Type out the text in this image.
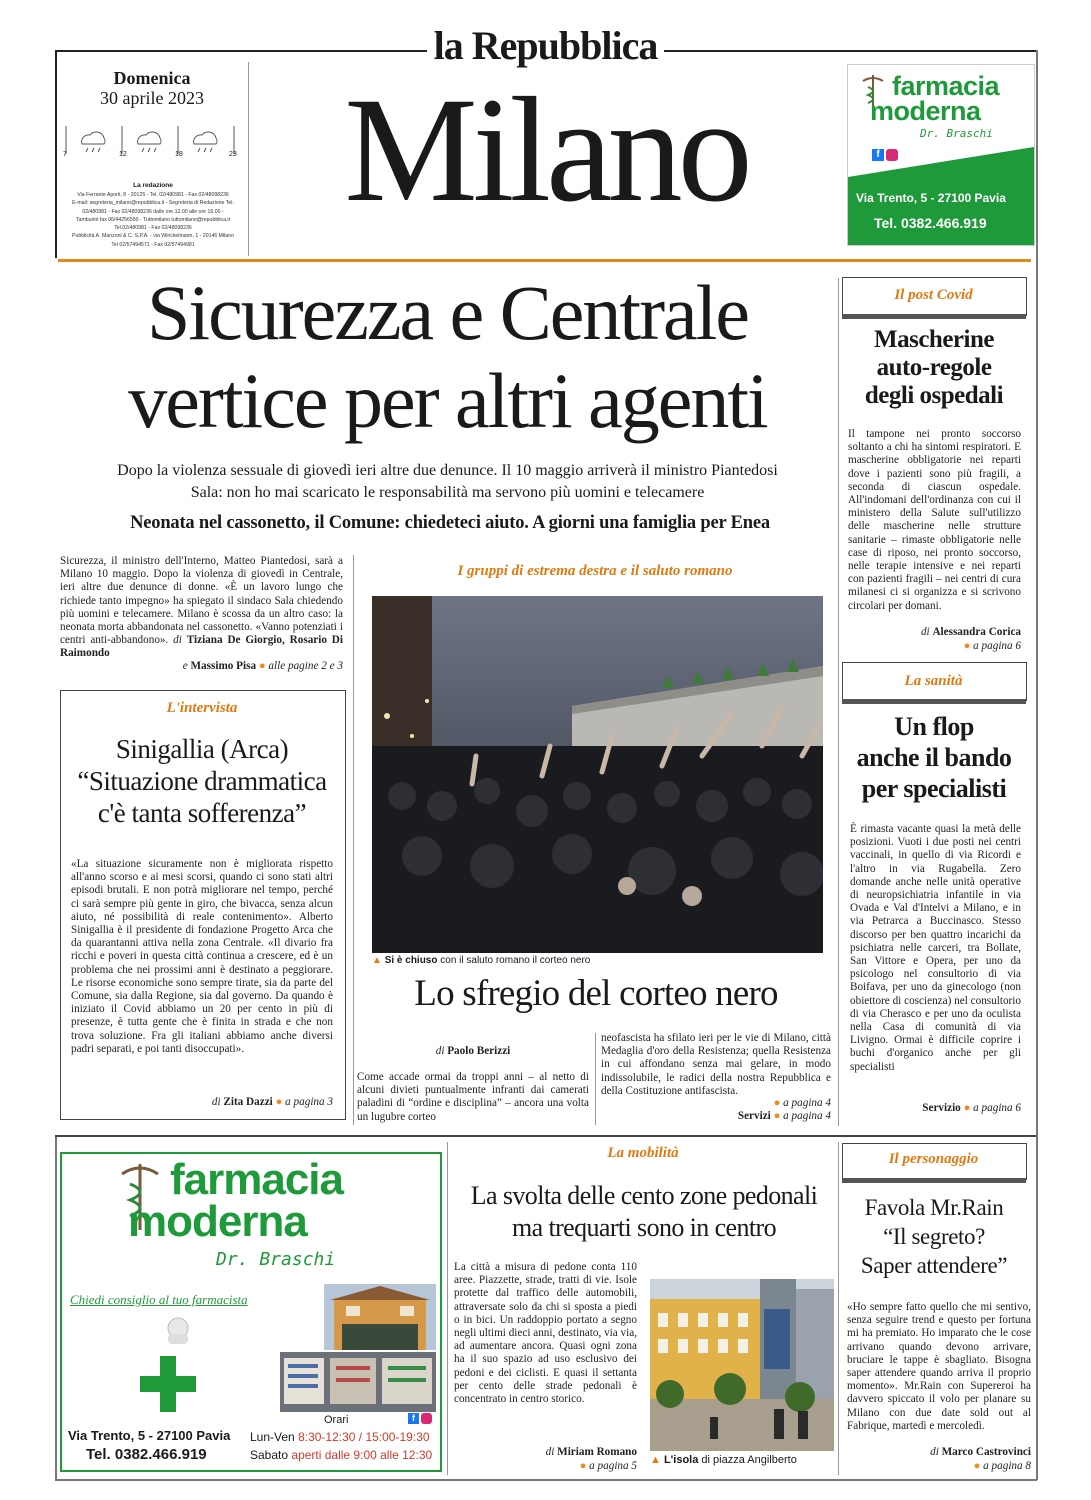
la Repubblica
Domenica
30 aprile 2023
7	12	18	23
La redazione
Via Ferrante Aporti, 8 - 20125 - Tel. 02/480981 - Fax 02/48098236
E-mail: segreteria_milano@repubblica.it - Segreteria di Redazione Tel.
02/480981 - Fax 02/48098236 dalle ore 12.00 alle ore 19.00 -
Tamburini fax 06/44256550 - Tuttomilano tuttomilano@repubblica.it
Tel.02/480981 - Fax 02/48098236
Pubblicità A. Manzoni & C. S.P.A. - via Winckelmann, 1 - 20146 Milano
Tel 02/57494571 - Fax 02/57494981
Milano	farmacia
moderna
Dr. Braschi
f
Via Trento, 5 - 27100 Pavia
Tel. 0382.466.919
Sicurezza e Centrale
vertice per altri agenti
Dopo la violenza sessuale di giovedì ieri altre due denunce. Il 10 maggio arriverà il ministro Piantedosi
Sala: non ho mai scaricato le responsabilità ma servono più uomini e telecamere
Neonata nel cassonetto, il Comune: chiedeteci aiuto. A giorni una famiglia per Enea
Sicurezza, il ministro dell'Interno, Matteo Piantedosi, sarà a Milano 10 maggio. Dopo la violenza di giovedì in Centrale, ieri altre due denunce di donne. «È un lavoro lungo che richiede tanto impegno» ha spiegato il sindaco Sala chiedendo più uomini e telecamere. Milano è scossa da un altro caso: la neonata morta abbandonata nel cassonetto. «Vanno potenziati i centri anti-abbandono». di Tiziana De Giorgio, Rosario Di Raimondo
e Massimo Pisa ● alle pagine 2 e 3
L'intervista
Sinigallia (Arca)
“Situazione drammatica
c'è tanta sofferenza”
«La situazione sicuramente non è migliorata rispetto all'anno scorso e ai mesi scorsi, quando ci sono stati altri episodi brutali. E non potrà migliorare nel tempo, perché ci sarà sempre più gente in giro, che bivacca, senza alcun aiuto, né possibilità di reale contenimento». Alberto Sinigallia è il presidente di fondazione Progetto Arca che da quarantanni attiva nella zona Centrale. «Il divario fra ricchi e poveri in questa città continua a crescere, ed è un problema che nei prossimi anni è destinato a peggiorare. Le risorse economiche sono sempre tirate, sia da parte del Comune, sia dalla Regione, sia dal governo. Da quando è iniziato il Covid abbiamo un 20 per cento in più di presenze, è tutta gente che è finita in strada e che non trova soluzione. Fra gli italiani abbiamo anche diversi padri separati, e poi tanti disoccupati».
di Zita Dazzi ● a pagina 3
I gruppi di estrema destra e il saluto romano
▲ Si è chiuso con il saluto romano il corteo nero
Lo sfregio del corteo nero
di Paolo Berizzi
Come accade ormai da troppi anni – al netto di alcuni divieti puntualmente infranti dai camerati paladini di “ordine e disciplina” – ancora una volta un lugubre corteo
neofascista ha sfilato ieri per le vie di Milano, città Medaglia d'oro della Resistenza; quella Resistenza in cui affondano senza mai gelare, in modo indissolubile, le radici della nostra Repubblica e della Costituzione antifascista.
● a pagina 4
Servizi ● a pagina 4
Il post Covid
Mascherine
auto-regole
degli ospedali
Il tampone nei pronto soccorso soltanto a chi ha sintomi respiratori. E mascherine obbligatorie nei reparti dove i pazienti sono più fragili, a seconda di ciascun ospedale. All'indomani dell'ordinanza con cui il ministero della Salute sull'utilizzo delle mascherine nelle strutture sanitarie – rimaste obbligatorie nelle case di riposo, nei pronto soccorso, nelle terapie intensive e nei reparti con pazienti fragili – nei centri di cura milanesi ci si organizza e si scrivono circolari per domani.
di Alessandra Corica
● a pagina 6
La sanità
Un flop
anche il bando
per specialisti
È rimasta vacante quasi la metà delle posizioni. Vuoti i due posti nei centri vaccinali, in quello di via Ricordi e l'altro in via Rugabella. Zero domande anche nelle unità operative di neuropsichiatria infantile in via Ovada e Val d'Intelvi a Milano, e in via Petrarca a Buccinasco. Stesso discorso per ben quattro incarichi da psichiatra nelle carceri, tra Bollate, San Vittore e Opera, per uno da psicologo nel consultorio di via Boifava, per uno da ginecologo (non obiettore di coscienza) nel consultorio di via Cherasco e per uno da oculista nella Casa di comunità di via Livigno. Ormai è difficile coprire i buchi d'organico anche per gli specialisti
Servizio ● a pagina 6
farmacia
moderna
Dr. Braschi
Chiedi consiglio al tuo farmacista
Orari	f
Via Trento, 5 - 27100 Pavia
Tel. 0382.466.919
Lun-Ven 8:30-12:30 / 15:00-19:30
Sabato aperti dalle 9:00 alle 12:30
La mobilità
La svolta delle cento zone pedonali
ma trequarti sono in centro
La città a misura di pedone conta 110 aree. Piazzette, strade, tratti di vie. Isole protette dal traffico delle automobili, attraversate solo da chi si sposta a piedi o in bici. Un raddoppio portato a segno negli ultimi dieci anni, destinato, via via, ad aumentare ancora. Quasi ogni zona ha il suo spazio ad uso esclusivo dei pedoni e dei ciclisti. E quasi il settanta per cento delle strade pedonali è concentrato in centro storico.
di Miriam Romano
● a pagina 5 ▲ L'isola di piazza Angilberto
Il personaggio
Favola Mr.Rain
“Il segreto?
Saper attendere”
«Ho sempre fatto quello che mi sentivo, senza seguire trend e questo per fortuna mi ha premiato. Ho imparato che le cose arrivano quando devono arrivare, bruciare le tappe è sbagliato. Bisogna saper attendere quando arriva il proprio momento». Mr.Rain con Supereroi ha davvero spiccato il volo per planare su Milano con due date sold out al Fabrique, martedì e mercoledì.
di Marco Castrovinci
● a pagina 8
